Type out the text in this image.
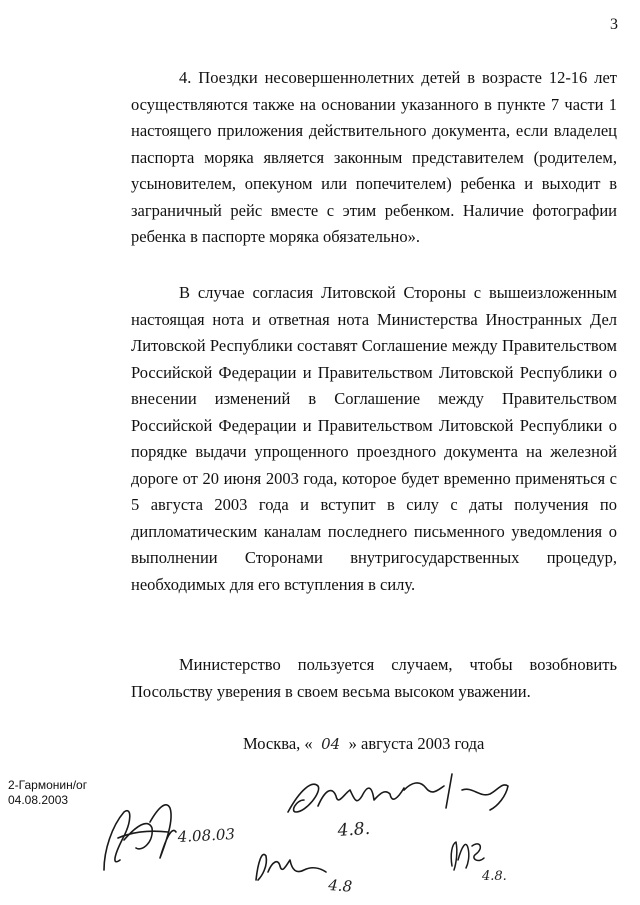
3

4. Поездки несовершеннолетних детей в возрасте 12-16 лет осуществляются также на основании указанного в пункте 7 части 1 настоящего приложения действительного документа, если владелец паспорта моряка является законным представителем (родителем, усыновителем, опекуном или попечителем) ребенка и выходит в заграничный рейс вместе с этим ребенком. Наличие фотографии ребенка в паспорте моряка обязательно».

В случае согласия Литовской Стороны с вышеизложенным настоящая нота и ответная нота Министерства Иностранных Дел Литовской Республики составят Соглашение между Правительством Российской Федерации и Правительством Литовской Республики о внесении изменений в Соглашение между Правительством Российской Федерации и Правительством Литовской Республики о порядке выдачи упрощенного проездного документа на железной дороге от 20 июня 2003 года, которое будет временно применяться с 5 августа 2003 года и вступит в силу с даты получения по дипломатическим каналам последнего письменного уведомления о выполнении Сторонами внутригосударственных процедур, необходимых для его вступления в силу.

Министерство пользуется случаем, чтобы возобновить Посольству уверения в своем весьма высоком уважении.

Москва, « 04 » августа 2003 года
2-Гармонин/ог
04.08.2003
4.8.
4.08.03
4.8	4.8.
